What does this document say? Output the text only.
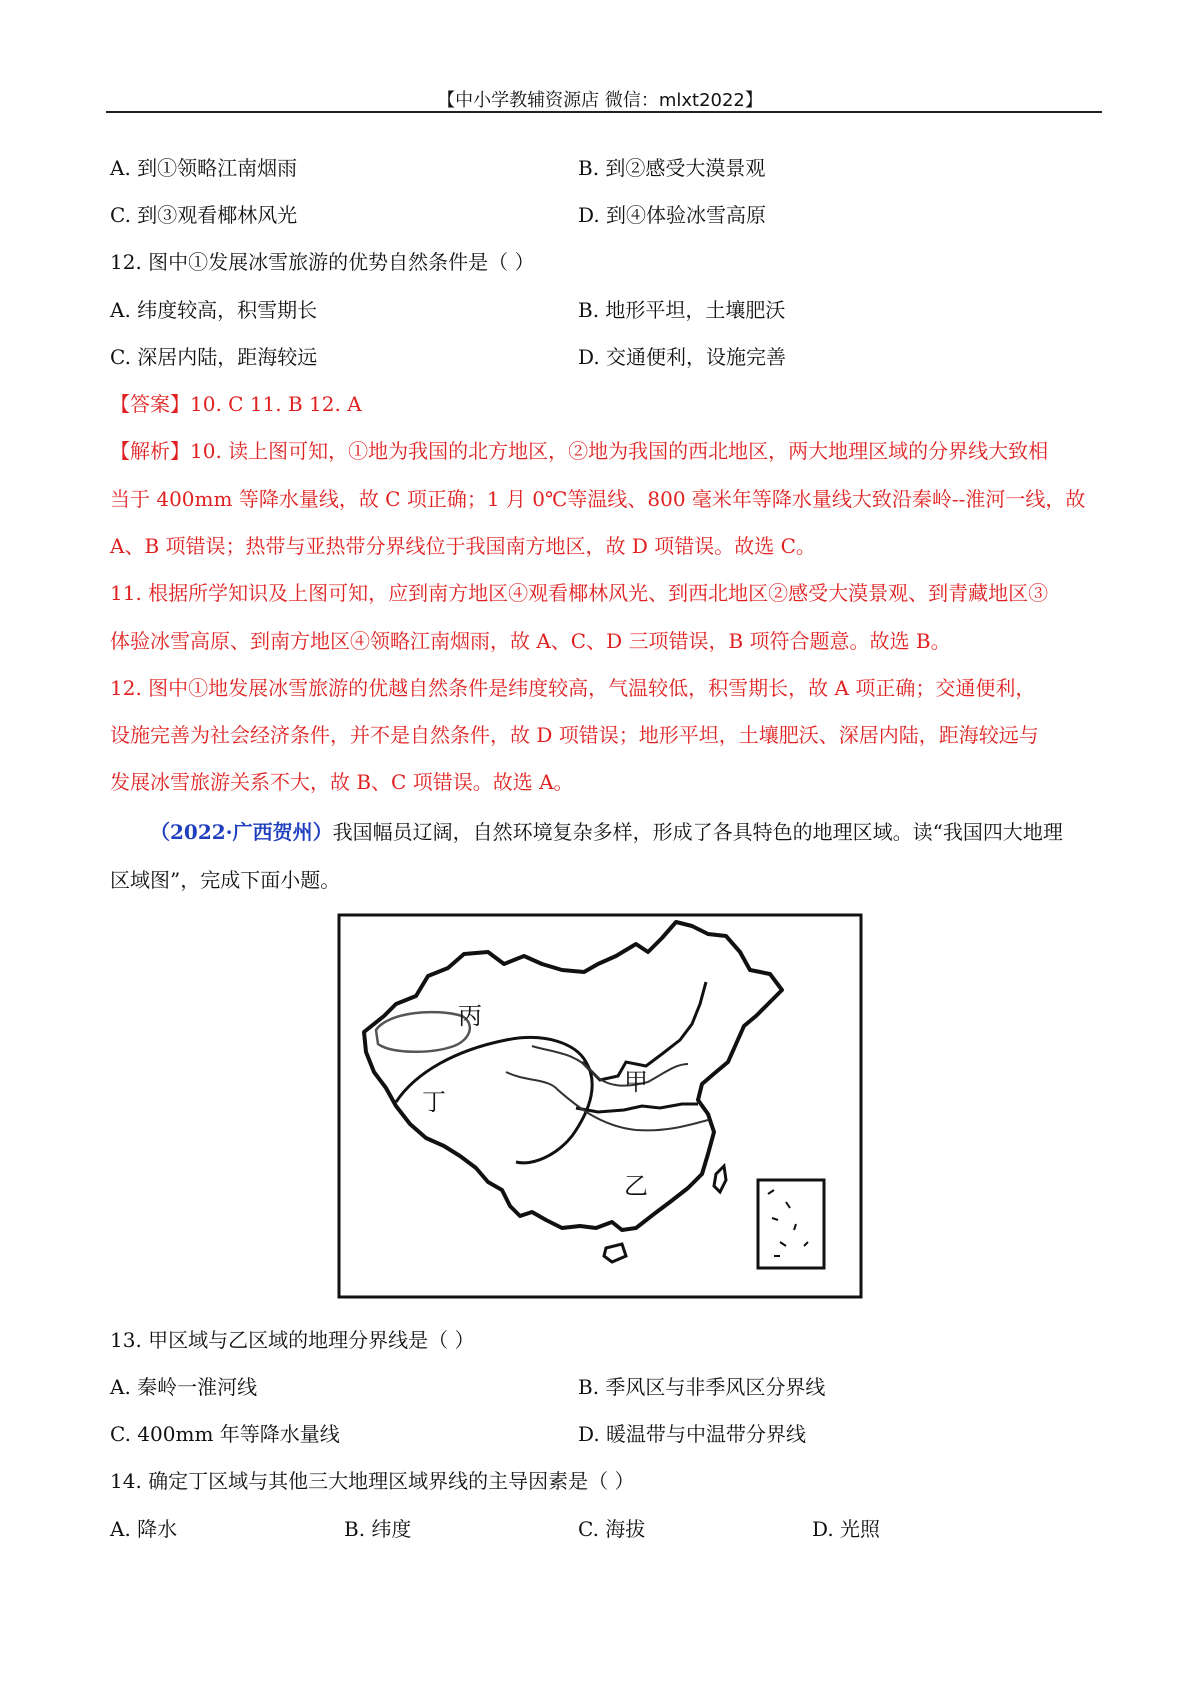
【中小学教辅资源店 微信：mlxt2022】
A. 到①领略江南烟雨	B. 到②感受大漠景观
C. 到③观看椰林风光	D. 到④体验冰雪高原
12. 图中①发展冰雪旅游的优势自然条件是（ ）
A. 纬度较高，积雪期长	B. 地形平坦，土壤肥沃
C. 深居内陆，距海较远	D. 交通便利，设施完善
【答案】10. C 11. B 12. A
【解析】10. 读上图可知，①地为我国的北方地区，②地为我国的西北地区，两大地理区域的分界线大致相
当于 400mm 等降水量线，故 C 项正确；1 月 0℃等温线、800 毫米年等降水量线大致沿秦岭--淮河一线，故
A、B 项错误；热带与亚热带分界线位于我国南方地区，故 D 项错误。故选 C。
11. 根据所学知识及上图可知，应到南方地区④观看椰林风光、到西北地区②感受大漠景观、到青藏地区③
体验冰雪高原、到南方地区④领略江南烟雨，故 A、C、D 三项错误，B 项符合题意。故选 B。
12. 图中①地发展冰雪旅游的优越自然条件是纬度较高，气温较低，积雪期长，故 A 项正确；交通便利，
设施完善为社会经济条件，并不是自然条件，故 D 项错误；地形平坦，土壤肥沃、深居内陆，距海较远与
发展冰雪旅游关系不大，故 B、C 项错误。故选 A。
（2022·广西贺州）我国幅员辽阔，自然环境复杂多样，形成了各具特色的地理区域。读“我国四大地理
区域图”，完成下面小题。
丙
丁
甲
乙
13. 甲区域与乙区域的地理分界线是（ ）
A. 秦岭一淮河线	B. 季风区与非季风区分界线
C. 400mm 年等降水量线	D. 暖温带与中温带分界线
14. 确定丁区域与其他三大地理区域界线的主导因素是（ ）
A. 降水	B. 纬度	C. 海拔	D. 光照
